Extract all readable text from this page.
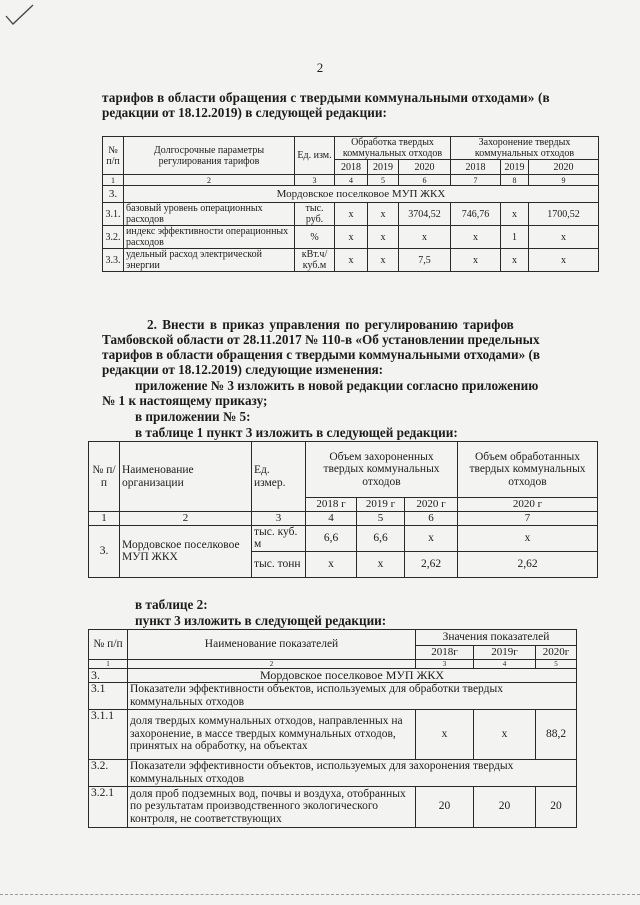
2
тарифов в области обращения с твердыми коммунальными отходами» (в
редакции от 18.12.2019) в следующей редакции:
№ п/п	Долгосрочные параметры регулирования тарифов	Ед. изм.	Обработка твердых коммунальных отходов			Захоронение твердых коммунальных отходов		
			2018	2019	2020	2018	2019	2020
1	2	3	4	5	6	7	8	9
3.	Мордовское поселковое МУП ЖКХ							
3.1.	базовый уровень операционных расходов	тыс. руб.	х	х	3704,52	746,76	х	1700,52
3.2.	индекс эффективности операционных расходов	%	х	х	х	х	1	х
3.3.	удельный расход электрической энергии	кВт.ч/ куб.м	х	х	7,5	х	х	х
2. Внести в приказ управления по регулированию тарифов
Тамбовской области от 28.11.2017 № 110-в «Об установлении предельных
тарифов в области обращения с твердыми коммунальными отходами» (в
редакции от 18.12.2019) следующие изменения:
приложение № 3 изложить в новой редакции согласно приложению
№ 1 к настоящему приказу;
в приложении № 5:
в таблице 1 пункт 3 изложить в следующей редакции:
№ п/п	Наименование организации	Ед. измер.	Объем захороненных твердых коммунальных отходов			Объем обработанных твердых коммунальных отходов
			2018 г	2019 г	2020 г	2020 г
1	2	3	4	5	6	7
3.	Мордовское поселковое МУП ЖКХ	тыс. куб. м	6,6	6,6	х	х
		тыс. тонн	х	х	2,62	2,62
в таблице 2:
пункт 3 изложить в следующей редакции:
№ п/п	Наименование показателей	Значения показателей		
		2018г	2019г	2020г
1	2	3	4	5
3.	Мордовское поселковое МУП ЖКХ			
3.1	Показатели эффективности объектов, используемых для обработки твердых коммунальных отходов			
3.1.1	доля твердых коммунальных отходов, направленных на захоронение, в массе твердых коммунальных отходов, принятых на обработку, на объектах	х	х	88,2
3.2.	Показатели эффективности объектов, используемых для захоронения твердых коммунальных отходов			
3.2.1	доля проб подземных вод, почвы и воздуха, отобранных по результатам производственного экологического контроля, не соответствующих	20	20	20
